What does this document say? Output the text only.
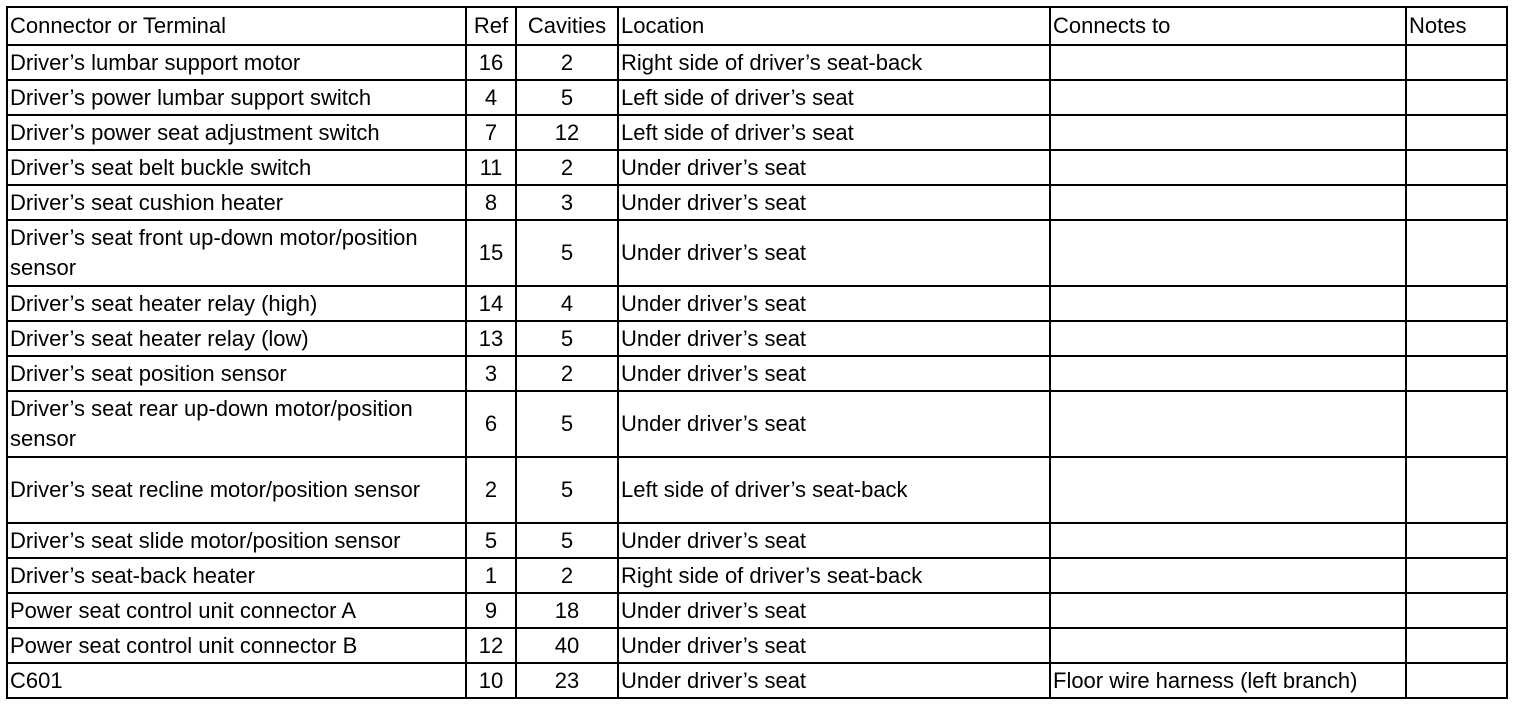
Connector or Terminal	Ref	Cavities	Location	Connects to	Notes
Driver’s lumbar support motor	16	2	Right side of driver’s seat-back		
Driver’s power lumbar support switch	4	5	Left side of driver’s seat		
Driver’s power seat adjustment switch	7	12	Left side of driver’s seat		
Driver’s seat belt buckle switch	11	2	Under driver’s seat		
Driver’s seat cushion heater	8	3	Under driver’s seat		
Driver’s seat front up-down motor/position sensor	15	5	Under driver’s seat		
Driver’s seat heater relay (high)	14	4	Under driver’s seat		
Driver’s seat heater relay (low)	13	5	Under driver’s seat		
Driver’s seat position sensor	3	2	Under driver’s seat		
Driver’s seat rear up-down motor/position sensor	6	5	Under driver’s seat		
Driver’s seat recline motor/position sensor	2	5	Left side of driver’s seat-back		
Driver’s seat slide motor/position sensor	5	5	Under driver’s seat		
Driver’s seat-back heater	1	2	Right side of driver’s seat-back		
Power seat control unit connector A	9	18	Under driver’s seat		
Power seat control unit connector B	12	40	Under driver’s seat		
C601	10	23	Under driver’s seat	Floor wire harness (left branch)	
